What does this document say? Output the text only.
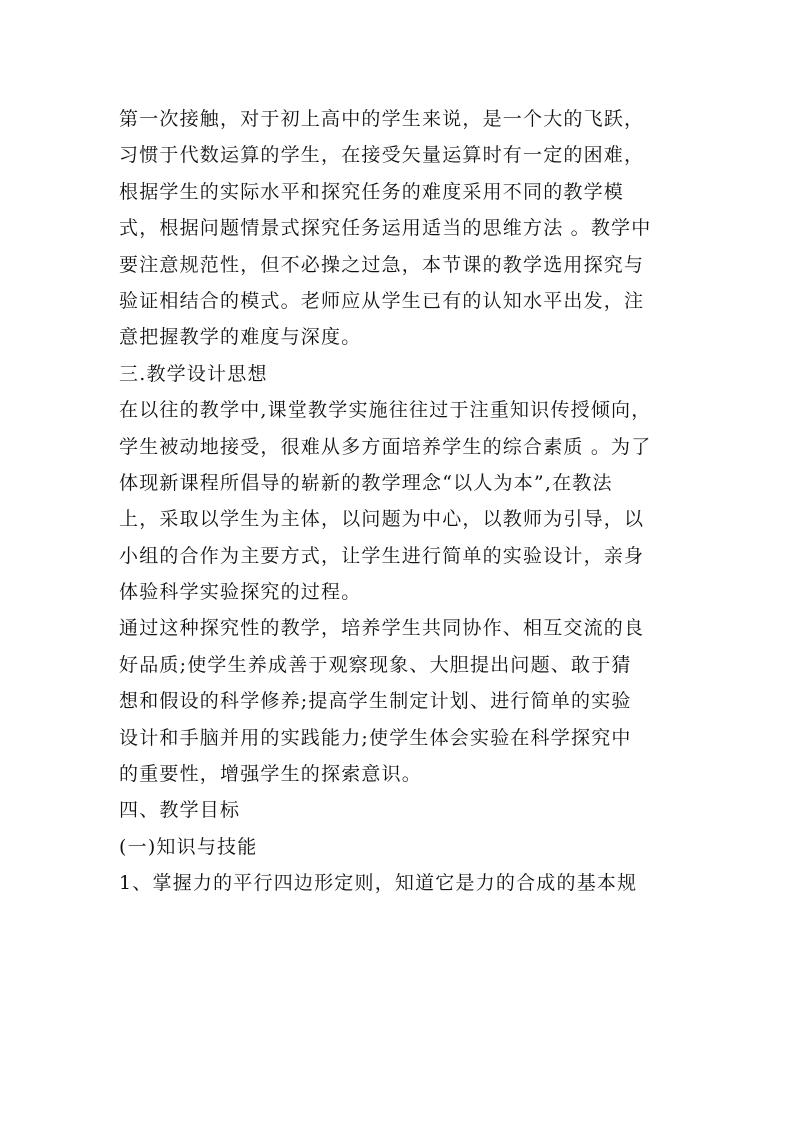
第一次接触，对于初上高中的学生来说，是一个大的飞跃，
习惯于代数运算的学生，在接受矢量运算时有一定的困难，
根据学生的实际水平和探究任务的难度采用不同的教学模
式，根据问题情景式探究任务运用适当的思维方法 。教学中
要注意规范性，但不必操之过急，本节课的教学选用探究与
验证相结合的模式。老师应从学生已有的认知水平出发，注
意把握教学的难度与深度。
三.教学设计思想
在以往的教学中,课堂教学实施往往过于注重知识传授倾向，
学生被动地接受，很难从多方面培养学生的综合素质 。为了
体现新课程所倡导的崭新的教学理念“以人为本”,在教法
上，采取以学生为主体，以问题为中心，以教师为引导，以
小组的合作为主要方式，让学生进行简单的实验设计，亲身
体验科学实验探究的过程。
通过这种探究性的教学，培养学生共同协作、相互交流的良
好品质;使学生养成善于观察现象、大胆提出问题、敢于猜
想和假设的科学修养;提高学生制定计划、进行简单的实验
设计和手脑并用的实践能力;使学生体会实验在科学探究中
的重要性，增强学生的探索意识。
四、教学目标
(一)知识与技能
1、掌握力的平行四边形定则，知道它是力的合成的基本规
